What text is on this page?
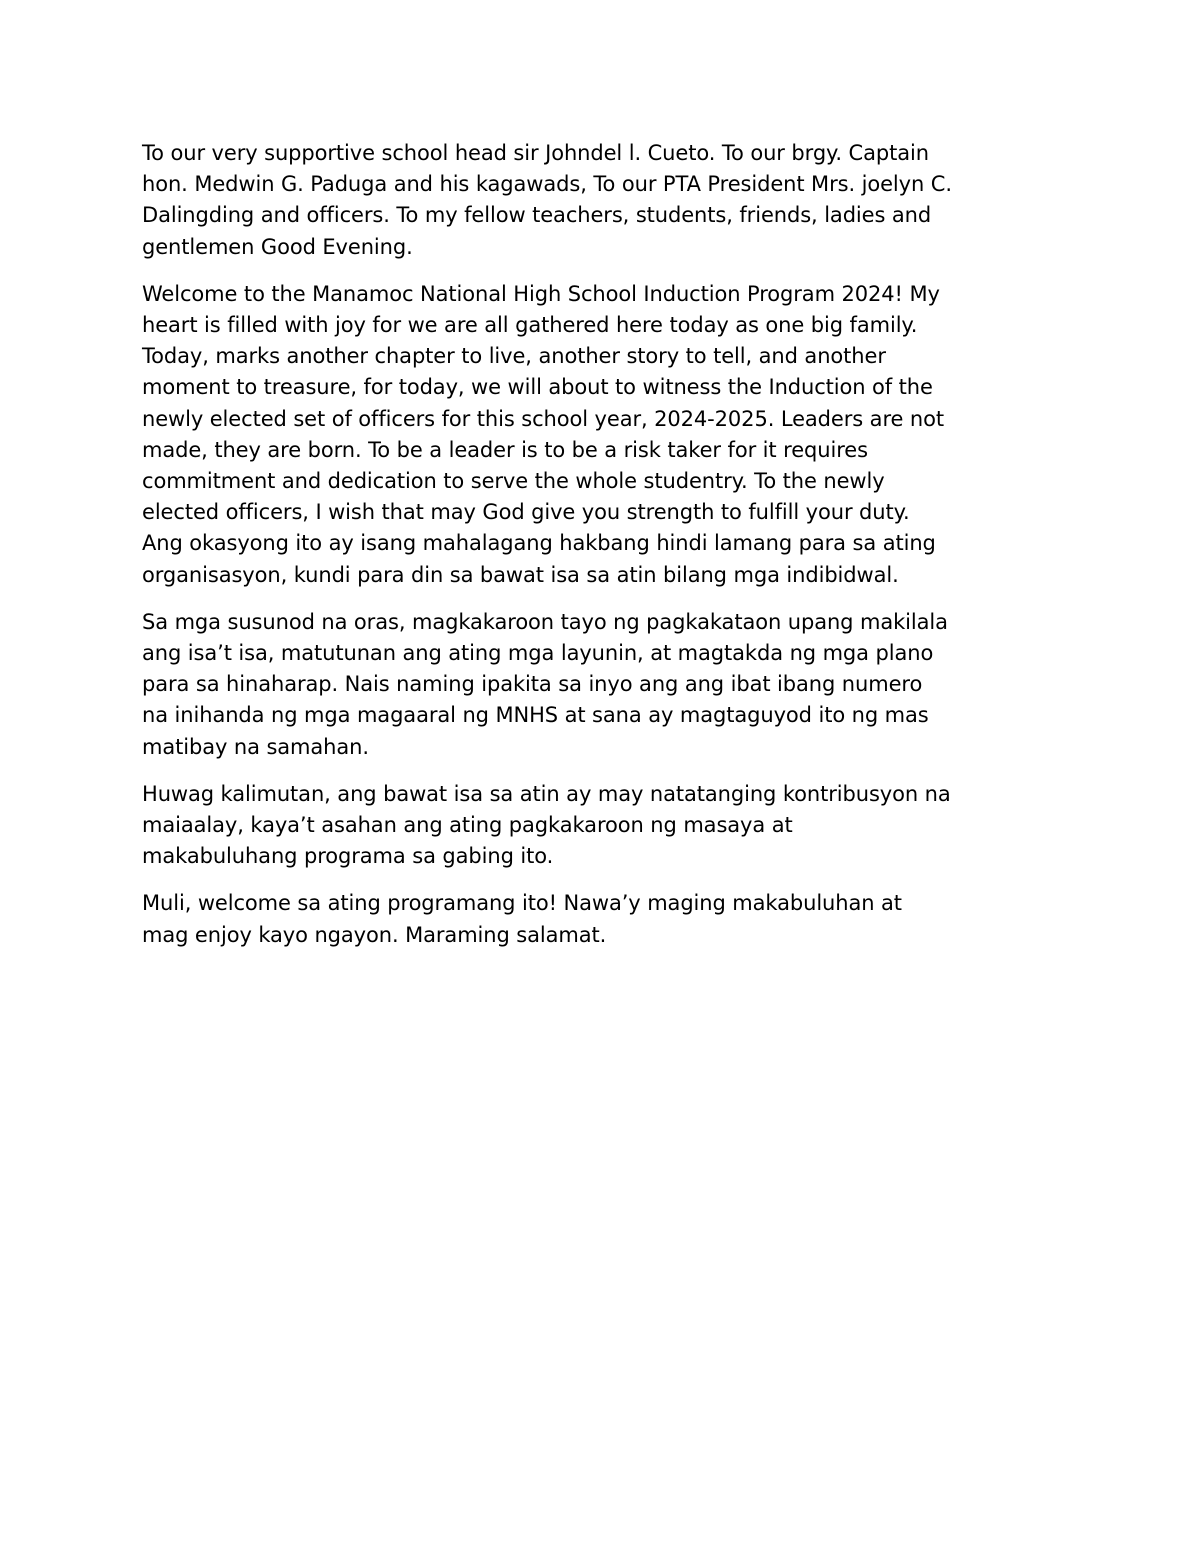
To our very supportive school head sir Johndel l. Cueto. To our brgy. Captain
hon. Medwin G. Paduga and his kagawads, To our PTA President Mrs. joelyn C.
Dalingding and officers. To my fellow teachers, students, friends, ladies and
gentlemen Good Evening.

Welcome to the Manamoc National High School Induction Program 2024! My
heart is filled with joy for we are all gathered here today as one big family.
Today, marks another chapter to live, another story to tell, and another
moment to treasure, for today, we will about to witness the Induction of the
newly elected set of officers for this school year, 2024-2025. Leaders are not
made, they are born. To be a leader is to be a risk taker for it requires
commitment and dedication to serve the whole studentry. To the newly
elected officers, I wish that may God give you strength to fulfill your duty.
Ang okasyong ito ay isang mahalagang hakbang hindi lamang para sa ating
organisasyon, kundi para din sa bawat isa sa atin bilang mga indibidwal.

Sa mga susunod na oras, magkakaroon tayo ng pagkakataon upang makilala
ang isa’t isa, matutunan ang ating mga layunin, at magtakda ng mga plano
para sa hinaharap. Nais naming ipakita sa inyo ang ang ibat ibang numero
na inihanda ng mga magaaral ng MNHS at sana ay magtaguyod ito ng mas
matibay na samahan.

Huwag kalimutan, ang bawat isa sa atin ay may natatanging kontribusyon na
maiaalay, kaya’t asahan ang ating pagkakaroon ng masaya at
makabuluhang programa sa gabing ito.

Muli, welcome sa ating programang ito! Nawa’y maging makabuluhan at
mag enjoy kayo ngayon. Maraming salamat.
